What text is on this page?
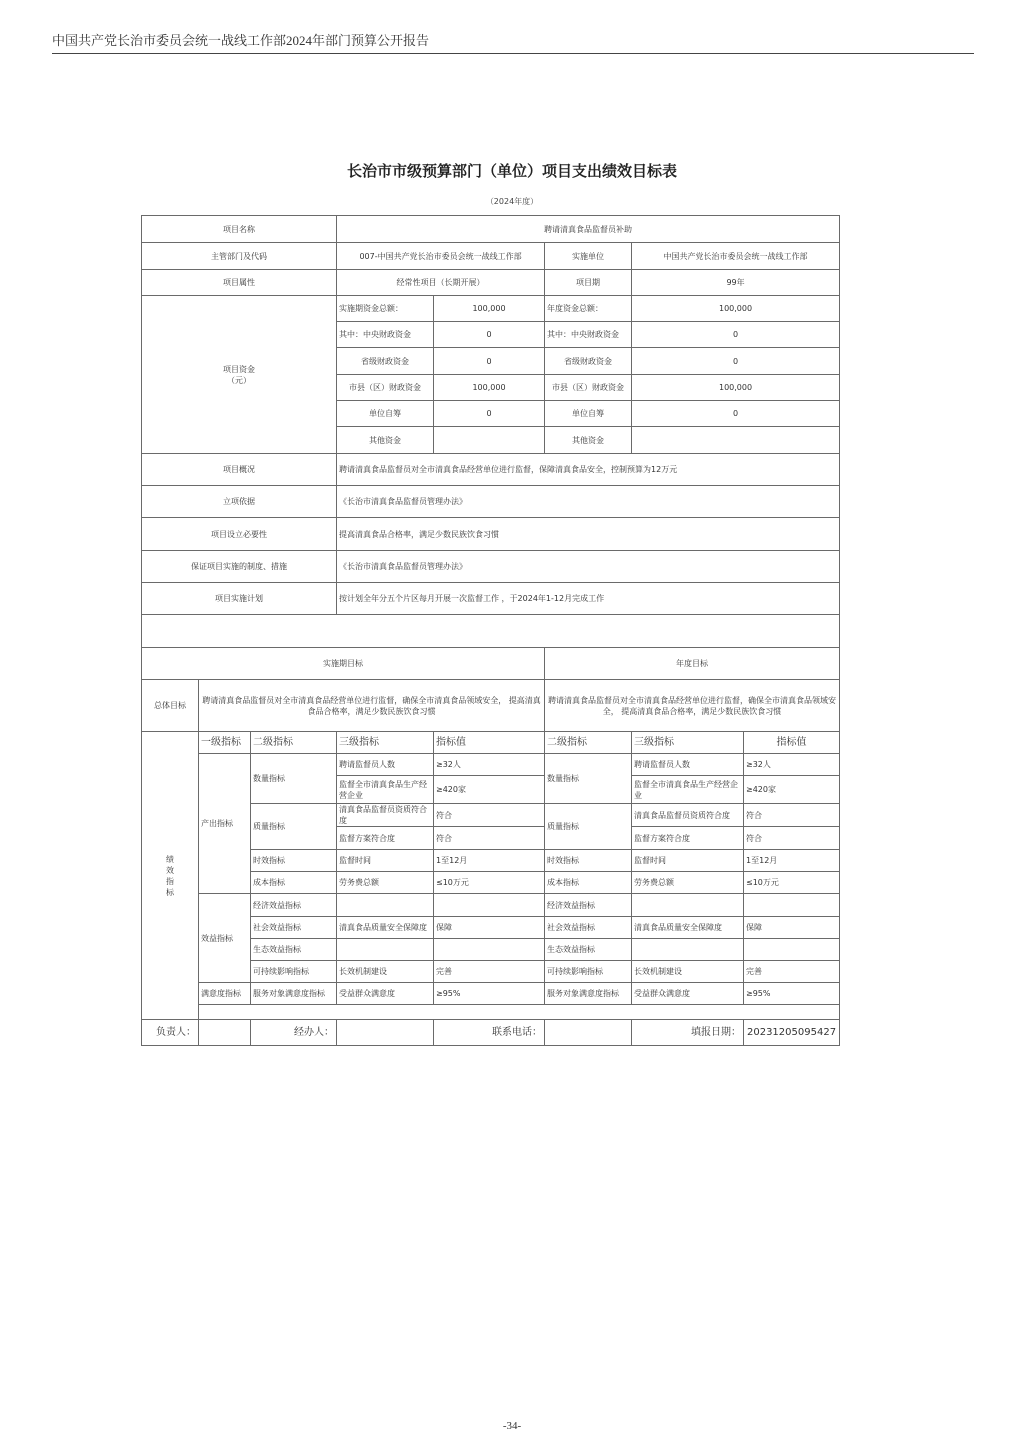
中国共产党长治市委员会统一战线工作部2024年部门预算公开报告
长治市市级预算部门（单位）项目支出绩效目标表
（2024年度）
项目名称			聘请清真食品监督员补助				
主管部门及代码			007-中国共产党长治市委员会统一战线工作部		实施单位	中国共产党长治市委员会统一战线工作部	
项目属性			经常性项目（长期开展）		项目期	99年	

项目资金
（元）			实施期资金总额：	100,000	年度资金总额：	100,000	
			其中：中央财政资金	0	其中：中央财政资金	0	
			省级财政资金	0	省级财政资金	0	
			市县（区）财政资金	100,000	市县（区）财政资金	100,000	
			单位自筹	0	单位自筹	0	
			其他资金		其他资金		
项目概况			聘请清真食品监督员对全市清真食品经营单位进行监督，保障清真食品安全，控制预算为12万元				
立项依据			《长治市清真食品监督员管理办法》				
项目设立必要性			提高清真食品合格率，满足少数民族饮食习惯				
保证项目实施的制度、措施			《长治市清真食品监督员管理办法》				
项目实施计划			按计划全年分五个片区每月开展一次监督工作 ，于2024年1-12月完成工作				

实施期目标					年度目标		
总体目标	聘请清真食品监督员对全市清真食品经营单位进行监督，确保全市清真食品领域安全， 提高清真食品合格率，满足少数民族饮食习惯				聘请清真食品监督员对全市清真食品经营单位进行监督，确保全市清真食品领域安全， 提高清真食品合格率，满足少数民族饮食习惯		

绩
效
指
标	一级指标	二级指标	三级指标	指标值	二级指标	三级指标	指标值
	产出指标	数量指标	聘请监督员人数	≥32人	数量指标	聘请监督员人数	≥32人
			监督全市清真食品生产经营企业	≥420家		监督全市清真食品生产经营企业	≥420家
		质量指标	清真食品监督员资质符合度	符合	质量指标	清真食品监督员资质符合度	符合
			监督方案符合度	符合		监督方案符合度	符合
		时效指标	监督时间	1至12月	时效指标	监督时间	1至12月
		成本指标	劳务费总额	≤10万元	成本指标	劳务费总额	≤10万元
	效益指标	经济效益指标			经济效益指标		
		社会效益指标	清真食品质量安全保障度	保障	社会效益指标	清真食品质量安全保障度	保障
		生态效益指标			生态效益指标		
		可持续影响指标	长效机制建设	完善	可持续影响指标	长效机制建设	完善
	满意度指标	服务对象满意度指标	受益群众满意度	≥95%	服务对象满意度指标	受益群众满意度	≥95%

负责人：		经办人：		联系电话：		填报日期：	20231205095427
-34-
